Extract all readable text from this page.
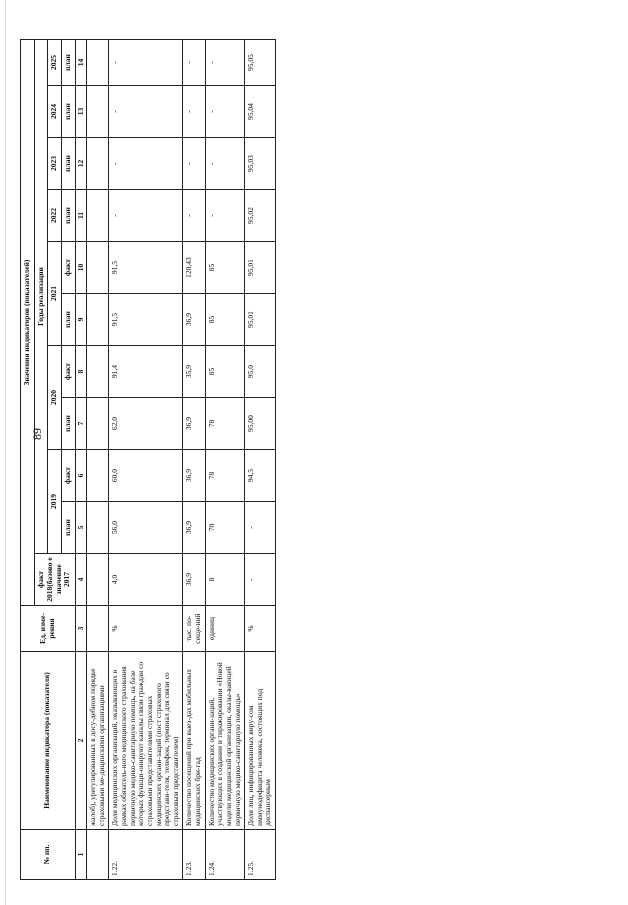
89
№ пп.	Наименование индикатора (показателя)	Ед. изме-рения	Значения индикаторов (показателей)										
			факт 2018(базово е значение 2017	Годы реализации									
				2019		2020		2021		2022	2023	2024	2025
				план	факт	план	факт	план	факт	план	план	план	план
1	2	3	4	5	6	7	8	9	10	11	12	13	14
	жалоб), урегулированных в досу-дебном порядке страховыми ме-дицинскими организациями												
1.22.	Доля медицинских организаций, оказывающих в рамках обязатель-ного медицинского страхования первичную медико-санитарную помощь, на базе которых функци-онируют каналы связи граждан со страховыми представителями страховых медицинских органи-заций (пост страхового представи-теля, телефон, терминал для связи со страховым представителем)	%	4,0	56,0	60,0	62,0	91,4	91,5	91,5	-	-	-	-
1.23.	Количество посещений при выез-дах мобильных медицинских бри-гад	тыс. по-сеще-ний	36,9	36,9	36,9	36,9	35,9	36,9	120,43	-	-	-	-
1.24.	Количество медицинских органи-заций, участвующих в создании и тиражировании «Новой модели медицинской организации, оказы-вающей первичную медико-санитарную помощь»	единиц	8	70	78	78	85	85	85	-	-	-	-
1.25.	Доля лиц, инфицированных виру-сом иммунодефицита человека, состоящих под диспансерным	%	-	-	94,5	95,00	95,0	95,01	95,01	95,02	95,03	95,04	95,05
